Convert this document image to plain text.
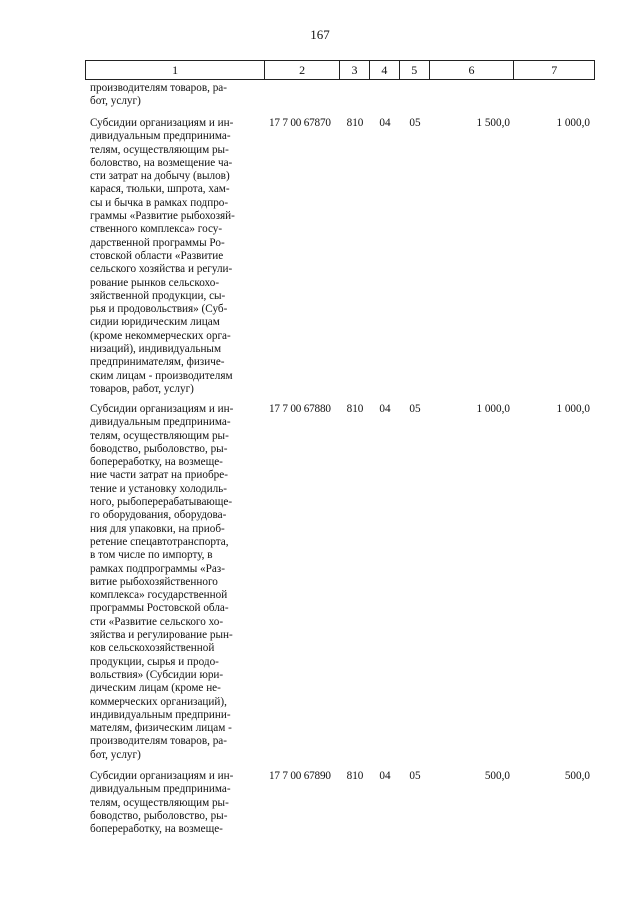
167
1	2	3	4	5	6	7
производителям товаров, ра-
бот, услуг)
Субсидии организациям и ин-
дивидуальным предпринима-
телям, осуществляющим ры-
боловство, на возмещение ча-
сти затрат на добычу (вылов)
карася, тюльки, шпрота, хам-
сы и бычка в рамках подпро-
граммы «Развитие рыбохозяй-
ственного комплекса» госу-
дарственной программы Ро-
стовской области «Развитие
сельского хозяйства и регули-
рование рынков сельскохо-
зяйственной продукции, сы-
рья и продовольствия» (Суб-
сидии юридическим лицам
(кроме некоммерческих орга-
низаций), индивидуальным
предпринимателям, физиче-
ским лицам - производителям
товаров, работ, услуг)
17 7 00 67870	810	04	05	1 500,0	1 000,0
Субсидии организациям и ин-
дивидуальным предпринима-
телям, осуществляющим ры-
боводство, рыболовство, ры-
бопереработку, на возмеще-
ние части затрат на приобре-
тение и установку холодиль-
ного, рыбоперерабатывающе-
го оборудования, оборудова-
ния для упаковки, на приоб-
ретение спецавтотранспорта,
в том числе по импорту, в
рамках подпрограммы «Раз-
витие рыбохозяйственного
комплекса» государственной
программы Ростовской обла-
сти «Развитие сельского хо-
зяйства и регулирование рын-
ков сельскохозяйственной
продукции, сырья и продо-
вольствия» (Субсидии юри-
дическим лицам (кроме не-
коммерческих организаций),
индивидуальным предприни-
мателям, физическим лицам -
производителям товаров, ра-
бот, услуг)
17 7 00 67880	810	04	05	1 000,0	1 000,0
Субсидии организациям и ин-
дивидуальным предпринима-
телям, осуществляющим ры-
боводство, рыболовство, ры-
бопереработку, на возмеще-
17 7 00 67890	810	04	05	500,0	500,0
